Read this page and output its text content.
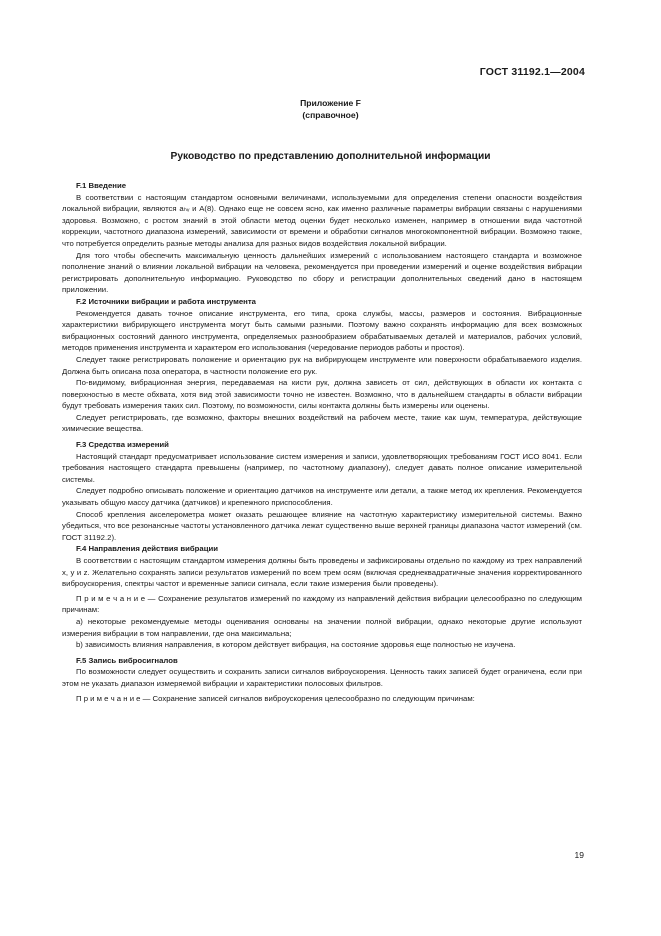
ГОСТ 31192.1—2004
Приложение F
(справочное)
Руководство по представлению дополнительной информации
F.1 Введение

В соответствии с настоящим стандартом основными величинами, используемыми для определения степени опасности воздействия локальной вибрации, являются aₕᵥ и A(8). Однако еще не совсем ясно, как именно различные параметры вибрации связаны с нарушениями здоровья. Возможно, с ростом знаний в этой области метод оценки будет несколько изменен, например в отношении вида частотной коррекции, частотного диапазона измерений, зависимости от времени и обработки сигналов многокомпонентной вибрации. Возможно также, что потребуется определить разные методы анализа для разных видов воздействия локальной вибрации.

Для того чтобы обеспечить максимальную ценность дальнейших измерений с использованием настоящего стандарта и возможное пополнение знаний о влиянии локальной вибрации на человека, рекомендуется при проведении измерений и оценке воздействия вибрации регистрировать дополнительную информацию. Руководство по сбору и регистрации дополнительных сведений дано в настоящем приложении.

F.2 Источники вибрации и работа инструмента

Рекомендуется давать точное описание инструмента, его типа, срока службы, массы, размеров и состояния. Вибрационные характеристики вибрирующего инструмента могут быть самыми разными. Поэтому важно сохранять информацию для всех возможных вибрационных состояний данного инструмента, определяемых разнообразием обрабатываемых деталей и материалов, рабочих условий, методов применения инструмента и характером его использования (чередование периодов работы и простоя).

Следует также регистрировать положение и ориентацию рук на вибрирующем инструменте или поверхности обрабатываемого изделия. Должна быть описана поза оператора, в частности положение его рук.

По-видимому, вибрационная энергия, передаваемая на кисти рук, должна зависеть от сил, действующих в области их контакта с поверхностью в месте обхвата, хотя вид этой зависимости точно не известен. Возможно, что в дальнейшем стандарты в области вибрации будут требовать измерения таких сил. Поэтому, по возможности, силы контакта должны быть измерены или оценены.

Следует регистрировать, где возможно, факторы внешних воздействий на рабочем месте, такие как шум, температура, действующие химические вещества.

F.3 Средства измерений

Настоящий стандарт предусматривает использование систем измерения и записи, удовлетворяющих требованиям ГОСТ ИСО 8041. Если требования настоящего стандарта превышены (например, по частотному диапазону), следует давать полное описание измерительной системы.

Следует подробно описывать положение и ориентацию датчиков на инструменте или детали, а также метод их крепления. Рекомендуется указывать общую массу датчика (датчиков) и крепежного приспособления.

Способ крепления акселерометра может оказать решающее влияние на частотную характеристику измерительной системы. Важно убедиться, что все резонансные частоты установленного датчика лежат существенно выше верхней границы диапазона частот измерений (см. ГОСТ 31192.2).

F.4 Направления действия вибрации

В соответствии с настоящим стандартом измерения должны быть проведены и зафиксированы отдельно по каждому из трех направлений x, y и z. Желательно сохранять записи результатов измерений по всем трем осям (включая среднеквадратичные значения корректированного виброускорения, спектры частот и временные записи сигнала, если такие измерения были проведены).

П р и м е ч а н и е — Сохранение результатов измерений по каждому из направлений действия вибрации целесообразно по следующим причинам:

а) некоторые рекомендуемые методы оценивания основаны на значении полной вибрации, однако некоторые другие используют измерения вибрации в том направлении, где она максимальна;

b) зависимость влияния направления, в котором действует вибрация, на состояние здоровья еще полностью не изучена.

F.5 Запись виброcигналов

По возможности следует осуществить и сохранить записи сигналов виброускорения. Ценность таких записей будет ограничена, если при этом не указать диапазон измеряемой вибрации и характеристики полосовых фильтров.

П р и м е ч а н и е — Сохранение записей сигналов виброускорения целесообразно по следующим причинам:

19
